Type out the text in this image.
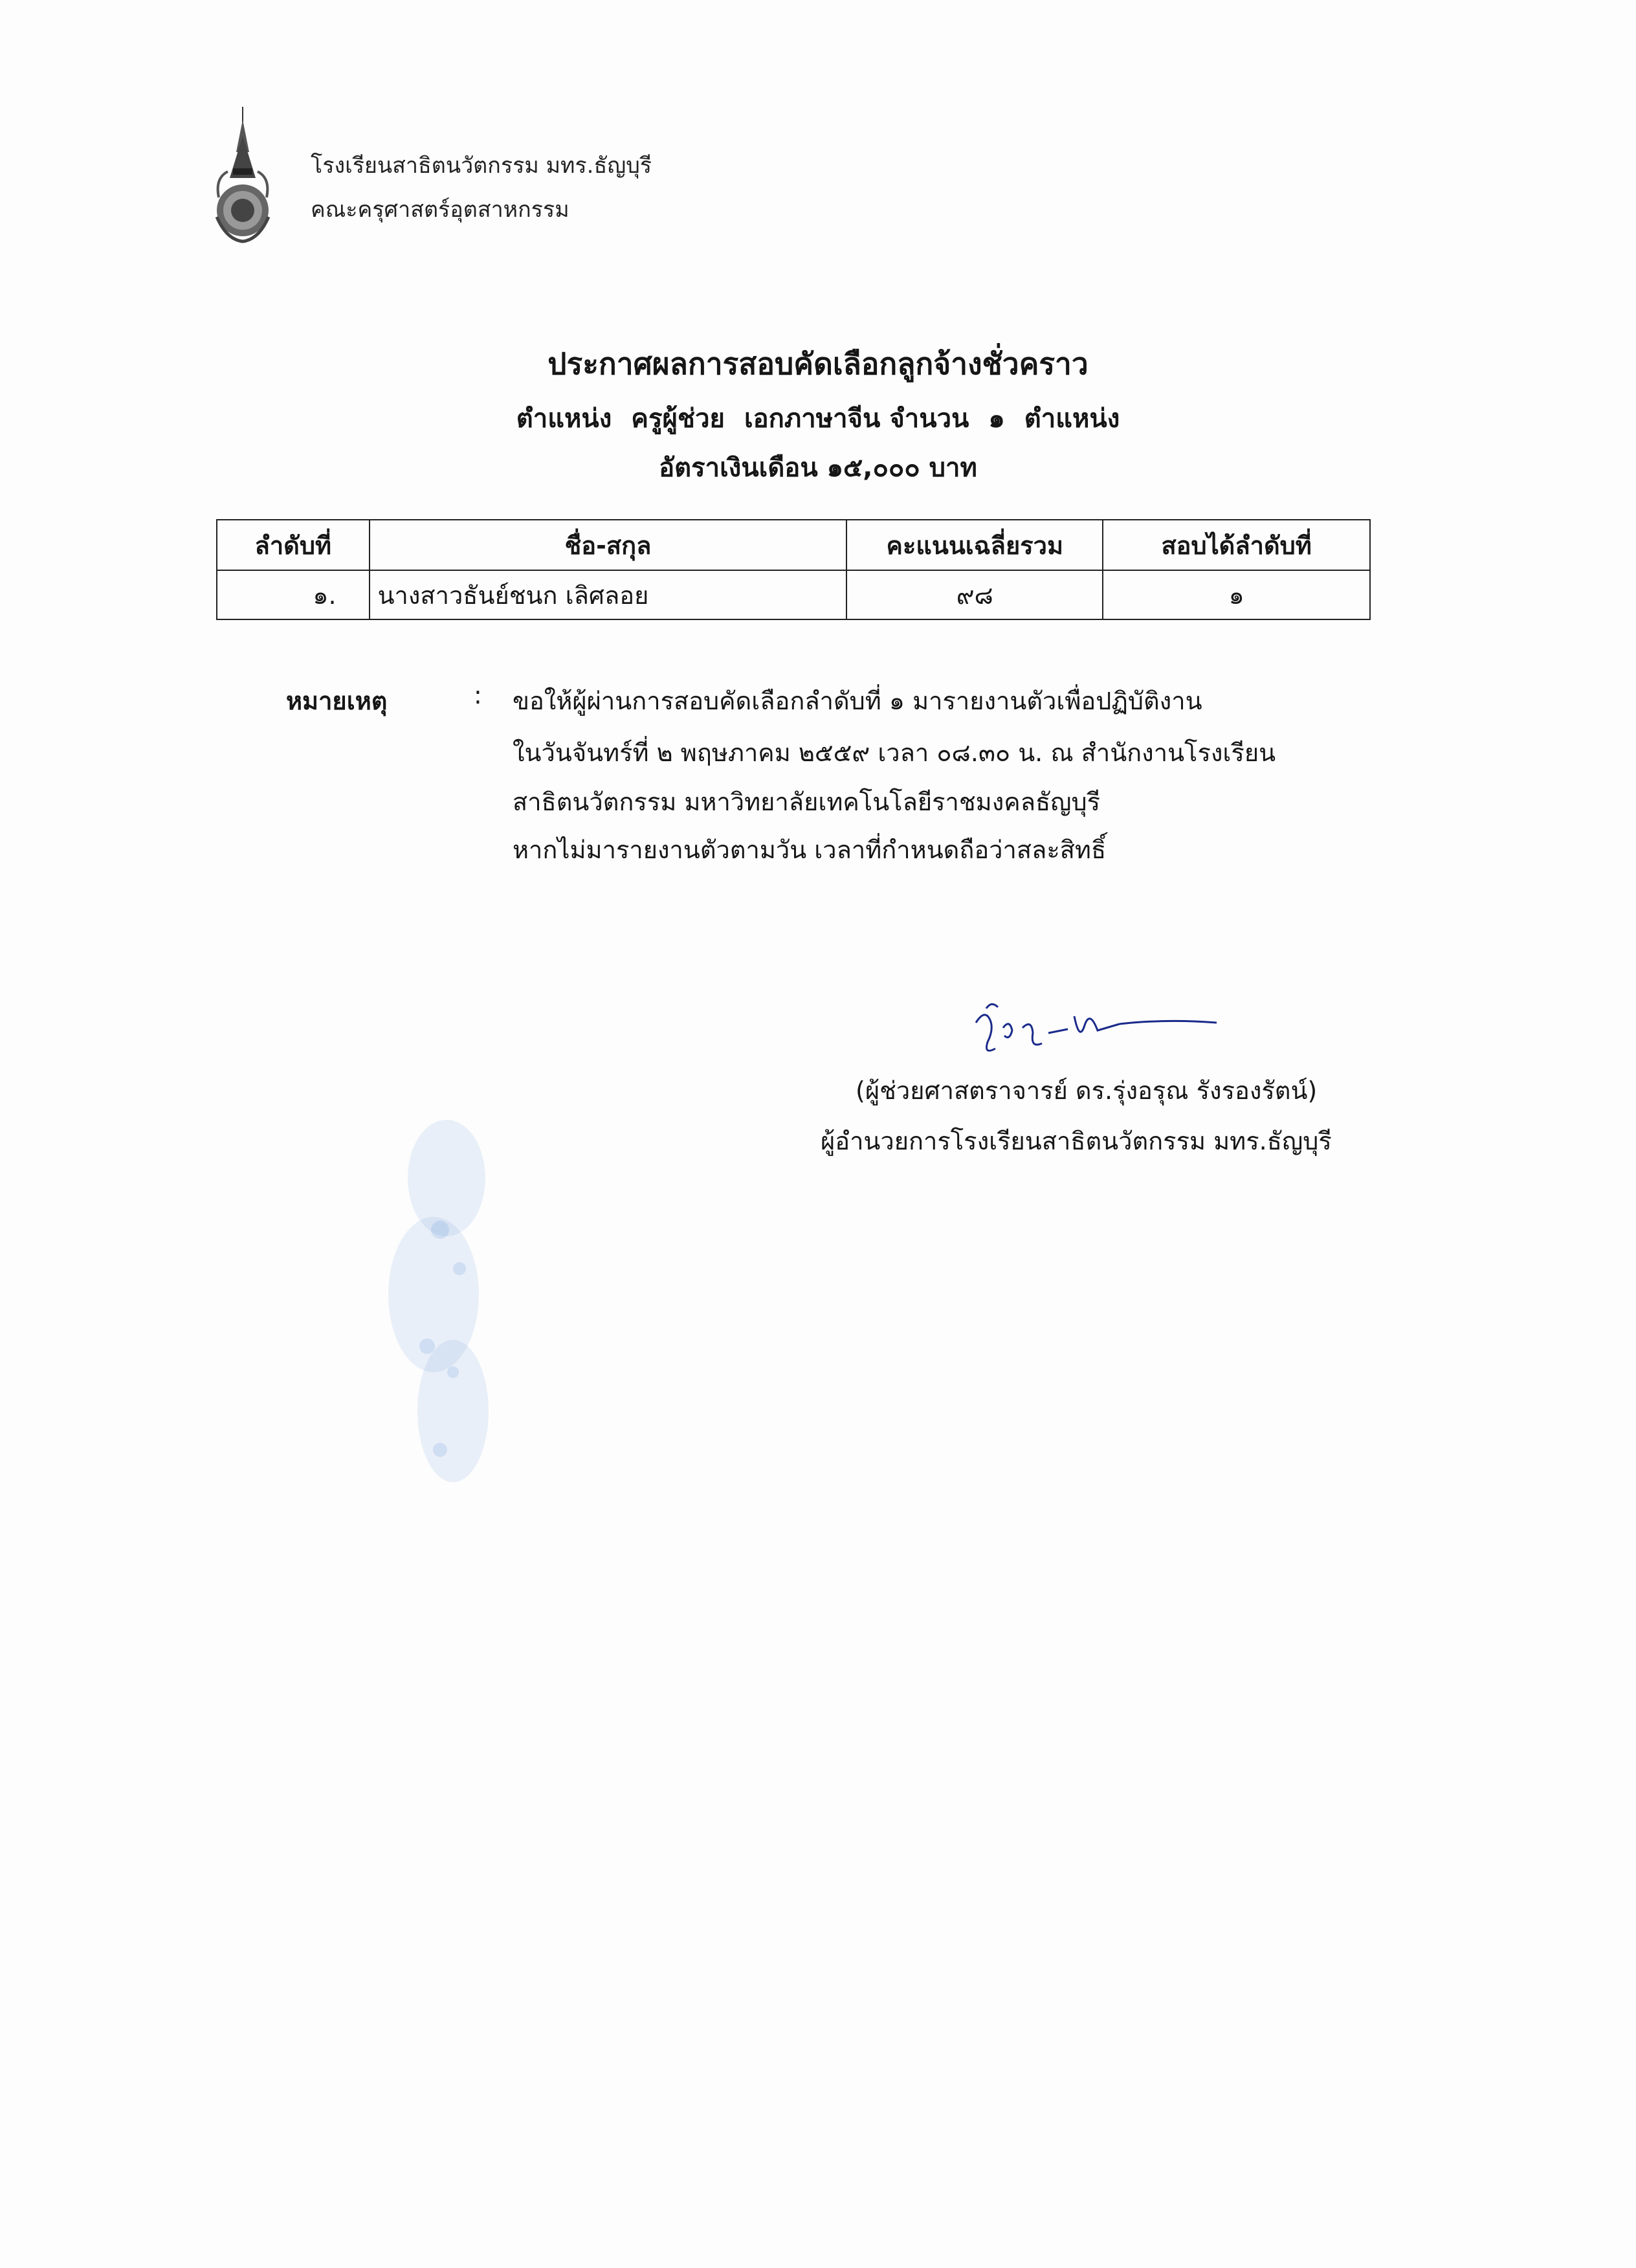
โรงเรียนสาธิตนวัตกรรม มทร.ธัญบุรี
คณะครุศาสตร์อุตสาหกรรม
ประกาศผลการสอบคัดเลือกลูกจ้างชั่วคราว
ตำแหน่ง ครูผู้ช่วย เอกภาษาจีน จำนวน ๑ ตำแหน่ง
อัตราเงินเดือน ๑๕,๐๐๐ บาท
ลำดับที่	ชื่อ-สกุล	คะแนนเฉลี่ยรวม	สอบได้ลำดับที่
๑.	นางสาวธันย์ชนก เลิศลอย	๙๘	๑
หมายเหตุ	: ขอให้ผู้ผ่านการสอบคัดเลือกลำดับที่ ๑ มารายงานตัวเพื่อปฏิบัติงาน
ในวันจันทร์ที่ ๒ พฤษภาคม ๒๕๕๙ เวลา ๐๘.๓๐ น. ณ สำนักงานโรงเรียน
สาธิตนวัตกรรม มหาวิทยาลัยเทคโนโลยีราชมงคลธัญบุรี
หากไม่มารายงานตัวตามวัน เวลาที่กำหนดถือว่าสละสิทธิ์
(ผู้ช่วยศาสตราจารย์ ดร.รุ่งอรุณ รังรองรัตน์)
ผู้อำนวยการโรงเรียนสาธิตนวัตกรรม มทร.ธัญบุรี
